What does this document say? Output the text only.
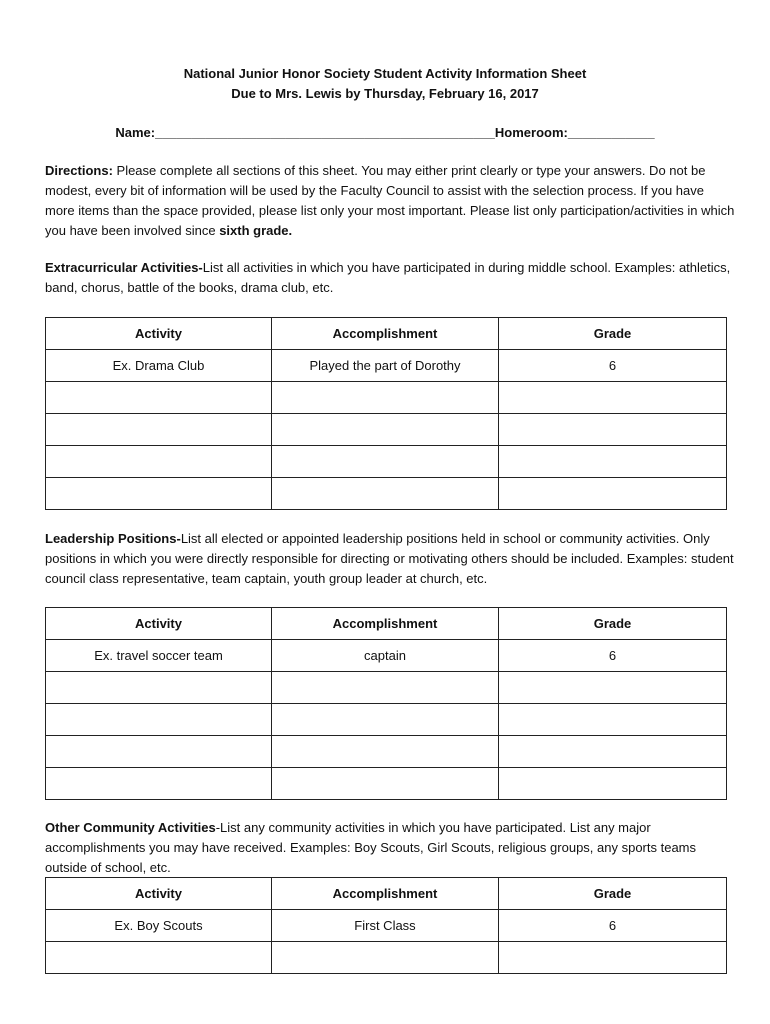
National Junior Honor Society Student Activity Information Sheet
Due to Mrs. Lewis by Thursday, February 16, 2017
Name:_______________________________________________Homeroom:____________
Directions: Please complete all sections of this sheet. You may either print clearly or type your answers. Do not be modest, every bit of information will be used by the Faculty Council to assist with the selection process. If you have more items than the space provided, please list only your most important. Please list only participation/activities in which you have been involved since sixth grade.
Extracurricular Activities-List all activities in which you have participated in during middle school. Examples: athletics, band, chorus, battle of the books, drama club, etc.
Activity	Accomplishment	Grade
Ex. Drama Club	Played the part of Dorothy	6

Leadership Positions-List all elected or appointed leadership positions held in school or community activities. Only positions in which you were directly responsible for directing or motivating others should be included. Examples: student council class representative, team captain, youth group leader at church, etc.
Activity	Accomplishment	Grade
Ex. travel soccer team	captain	6

Other Community Activities-List any community activities in which you have participated. List any major accomplishments you may have received. Examples: Boy Scouts, Girl Scouts, religious groups, any sports teams outside of school, etc.
Activity	Accomplishment	Grade
Ex. Boy Scouts	First Class	6
